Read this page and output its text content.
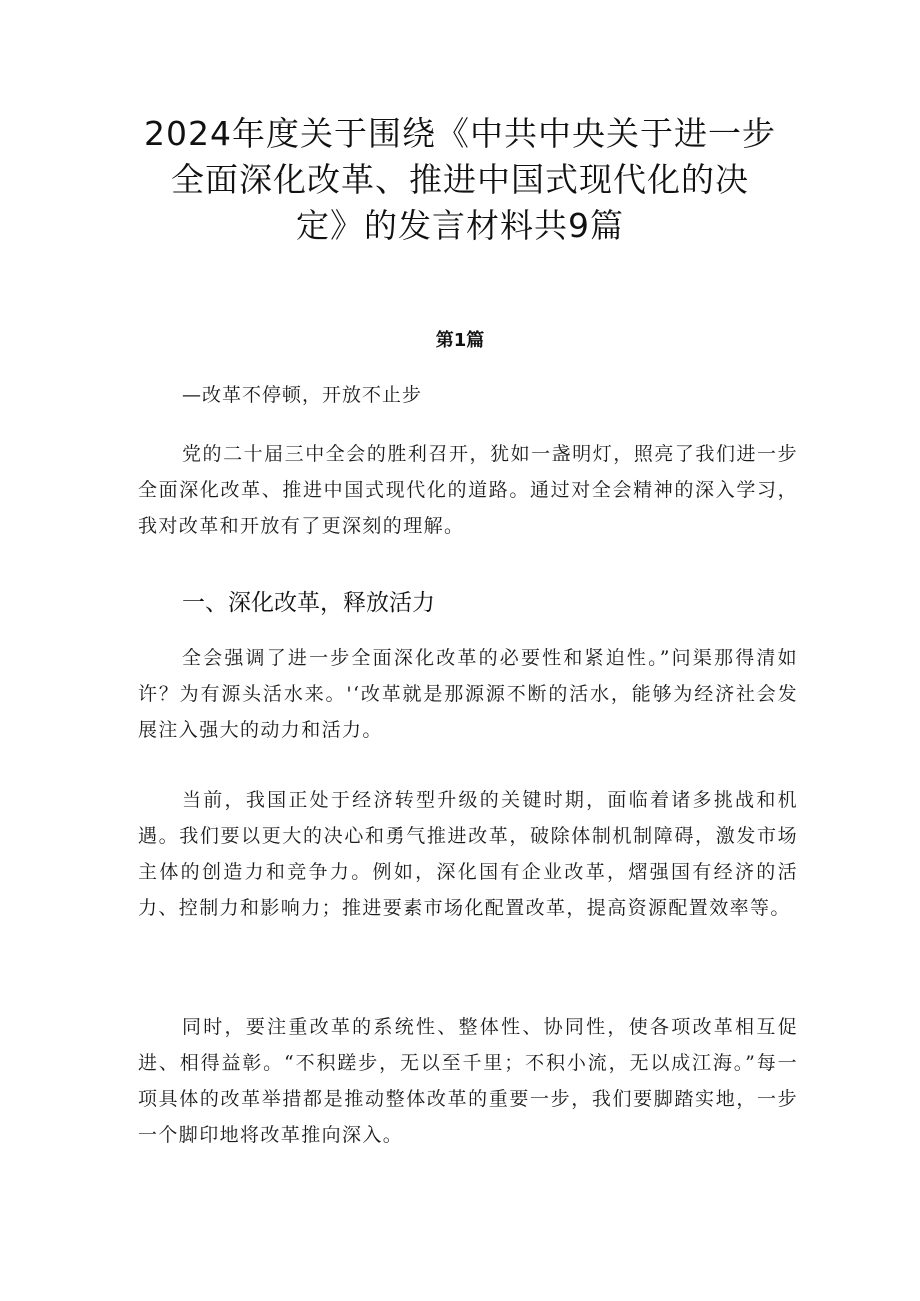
2024年度关于围绕《中共中央关于进一步
全面深化改革、推进中国式现代化的决
定》的发言材料共9篇
第1篇
—改革不停顿，开放不止步

党的二十届三中全会的胜利召开，犹如一盏明灯，照亮了我们进一步全面深化改革、推进中国式现代化的道路。通过对全会精神的深入学习，我对改革和开放有了更深刻的理解。

一、深化改革，释放活力

全会强调了进一步全面深化改革的必要性和紧迫性。”问渠那得清如许？为有源头活水来。'‘改革就是那源源不断的活水，能够为经济社会发展注入强大的动力和活力。

当前，我国正处于经济转型升级的关键时期，面临着诸多挑战和机遇。我们要以更大的决心和勇气推进改革，破除体制机制障碍，激发市场主体的创造力和竞争力。例如，深化国有企业改革，熠强国有经济的活力、控制力和影响力；推进要素市场化配置改革，提高资源配置效率等。

同时，要注重改革的系统性、整体性、协同性，使各项改革相互促进、相得益彰。“不积蹉步，无以至千里；不积小流，无以成江海。”每一项具体的改革举措都是推动整体改革的重要一步，我们要脚踏实地，一步一个脚印地将改革推向深入。
